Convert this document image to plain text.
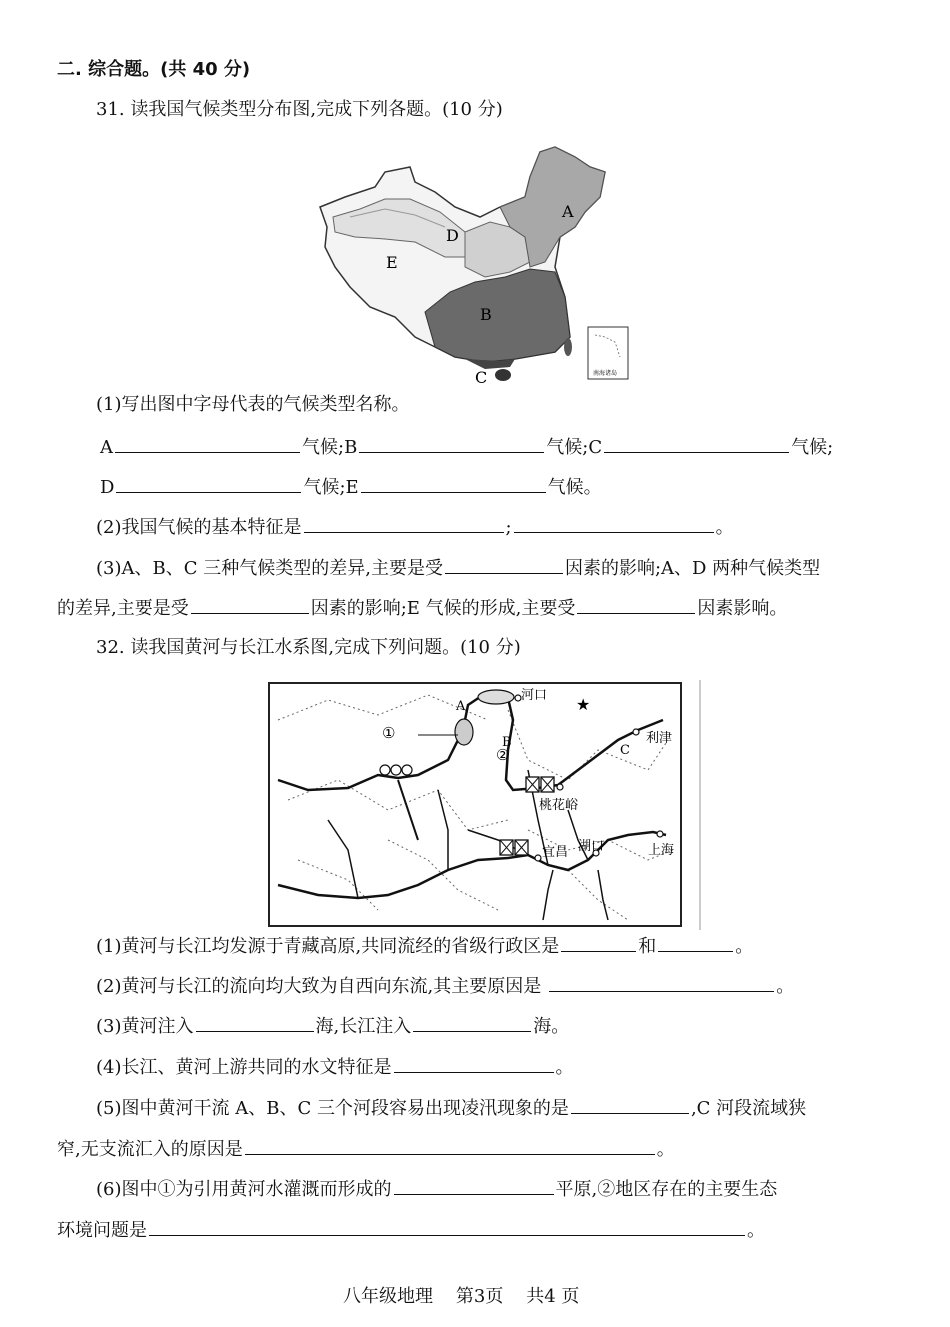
二. 综合题。(共 40 分)
31. 读我国气候类型分布图,完成下列各题。(10 分)
南海诸岛
A
B
C
D
E
(1)写出图中字母代表的气候类型名称。
A	气候;B	气候;C	气候;
D	气候;E	气候。
(2)我国气候的基本特征是	;	。
(3)A、B、C 三种气候类型的差异,主要是受	因素的影响;A、D 两种气候类型
的差异,主要是受	因素的影响;E 气候的形成,主要受	因素影响。
32. 读我国黄河与长江水系图,完成下列问题。(10 分)
★
河口
利津
桃花峪
宜昌 湖口	上海
A
B
C
①
②
(1)黄河与长江均发源于青藏高原,共同流经的省级行政区是	和	。
(2)黄河与长江的流向均大致为自西向东流,其主要原因是	。
(3)黄河注入	海,长江注入	海。
(4)长江、黄河上游共同的水文特征是	。
(5)图中黄河干流 A、B、C 三个河段容易出现凌汛现象的是	,C 河段流域狭
窄,无支流汇入的原因是	。
(6)图中①为引用黄河水灌溉而形成的	平原,②地区存在的主要生态
环境问题是	。
八年级地理    第3页    共4 页
